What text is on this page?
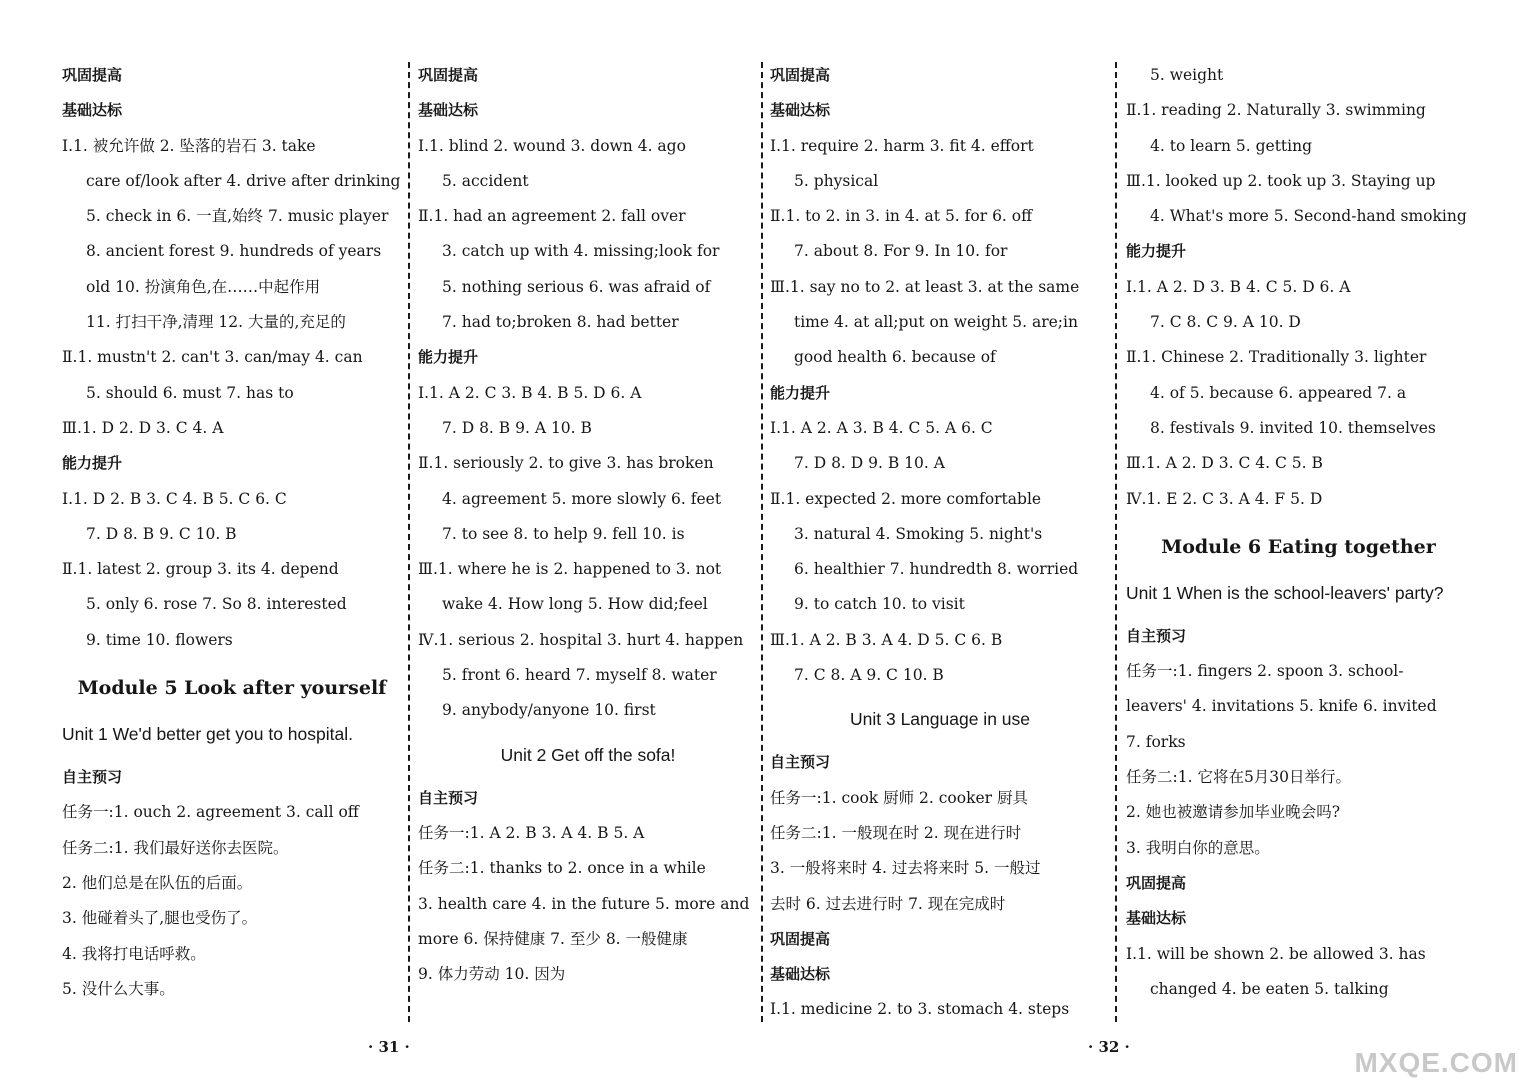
巩固提高
基础达标
Ⅰ.1. 被允许做 2. 坠落的岩石 3. take
care of/look after 4. drive after drinking
5. check in 6. 一直,始终 7. music player
8. ancient forest 9. hundreds of years
old 10. 扮演角色,在……中起作用
11. 打扫干净,清理 12. 大量的,充足的
Ⅱ.1. mustn't 2. can't 3. can/may 4. can
5. should 6. must 7. has to
Ⅲ.1. D 2. D 3. C 4. A
能力提升
Ⅰ.1. D 2. B 3. C 4. B 5. C 6. C
7. D 8. B 9. C 10. B
Ⅱ.1. latest 2. group 3. its 4. depend
5. only 6. rose 7. So 8. interested
9. time 10. flowers
Module 5 Look after yourself
Unit 1 We'd better get you to hospital.
自主预习
任务一:1. ouch 2. agreement 3. call off
任务二:1. 我们最好送你去医院。
2. 他们总是在队伍的后面。
3. 他碰着头了,腿也受伤了。
4. 我将打电话呼救。
5. 没什么大事。
巩固提高
基础达标
Ⅰ.1. blind 2. wound 3. down 4. ago
5. accident
Ⅱ.1. had an agreement 2. fall over
3. catch up with 4. missing;look for
5. nothing serious 6. was afraid of
7. had to;broken 8. had better
能力提升
Ⅰ.1. A 2. C 3. B 4. B 5. D 6. A
7. D 8. B 9. A 10. B
Ⅱ.1. seriously 2. to give 3. has broken
4. agreement 5. more slowly 6. feet
7. to see 8. to help 9. fell 10. is
Ⅲ.1. where he is 2. happened to 3. not
wake 4. How long 5. How did;feel
Ⅳ.1. serious 2. hospital 3. hurt 4. happen
5. front 6. heard 7. myself 8. water
9. anybody/anyone 10. first
Unit 2 Get off the sofa!
自主预习
任务一:1. A 2. B 3. A 4. B 5. A
任务二:1. thanks to 2. once in a while
3. health care 4. in the future 5. more and
more 6. 保持健康 7. 至少 8. 一般健康
9. 体力劳动 10. 因为
巩固提高
基础达标
Ⅰ.1. require 2. harm 3. fit 4. effort
5. physical
Ⅱ.1. to 2. in 3. in 4. at 5. for 6. off
7. about 8. For 9. In 10. for
Ⅲ.1. say no to 2. at least 3. at the same
time 4. at all;put on weight 5. are;in
good health 6. because of
能力提升
Ⅰ.1. A 2. A 3. B 4. C 5. A 6. C
7. D 8. D 9. B 10. A
Ⅱ.1. expected 2. more comfortable
3. natural 4. Smoking 5. night's
6. healthier 7. hundredth 8. worried
9. to catch 10. to visit
Ⅲ.1. A 2. B 3. A 4. D 5. C 6. B
7. C 8. A 9. C 10. B
Unit 3 Language in use
自主预习
任务一:1. cook 厨师 2. cooker 厨具
任务二:1. 一般现在时 2. 现在进行时
3. 一般将来时 4. 过去将来时 5. 一般过
去时 6. 过去进行时 7. 现在完成时
巩固提高
基础达标
Ⅰ.1. medicine 2. to 3. stomach 4. steps
5. weight
Ⅱ.1. reading 2. Naturally 3. swimming
4. to learn 5. getting
Ⅲ.1. looked up 2. took up 3. Staying up
4. What's more 5. Second-hand smoking
能力提升
Ⅰ.1. A 2. D 3. B 4. C 5. D 6. A
7. C 8. C 9. A 10. D
Ⅱ.1. Chinese 2. Traditionally 3. lighter
4. of 5. because 6. appeared 7. a
8. festivals 9. invited 10. themselves
Ⅲ.1. A 2. D 3. C 4. C 5. B
Ⅳ.1. E 2. C 3. A 4. F 5. D
Module 6 Eating together
Unit 1 When is the school-leavers' party?
自主预习
任务一:1. fingers 2. spoon 3. school-
leavers' 4. invitations 5. knife 6. invited
7. forks
任务二:1. 它将在5月30日举行。
2. 她也被邀请参加毕业晚会吗?
3. 我明白你的意思。
巩固提高
基础达标
Ⅰ.1. will be shown 2. be allowed 3. has
changed 4. be eaten 5. talking
· 31 ·	· 32 ·	MXQE.COM
